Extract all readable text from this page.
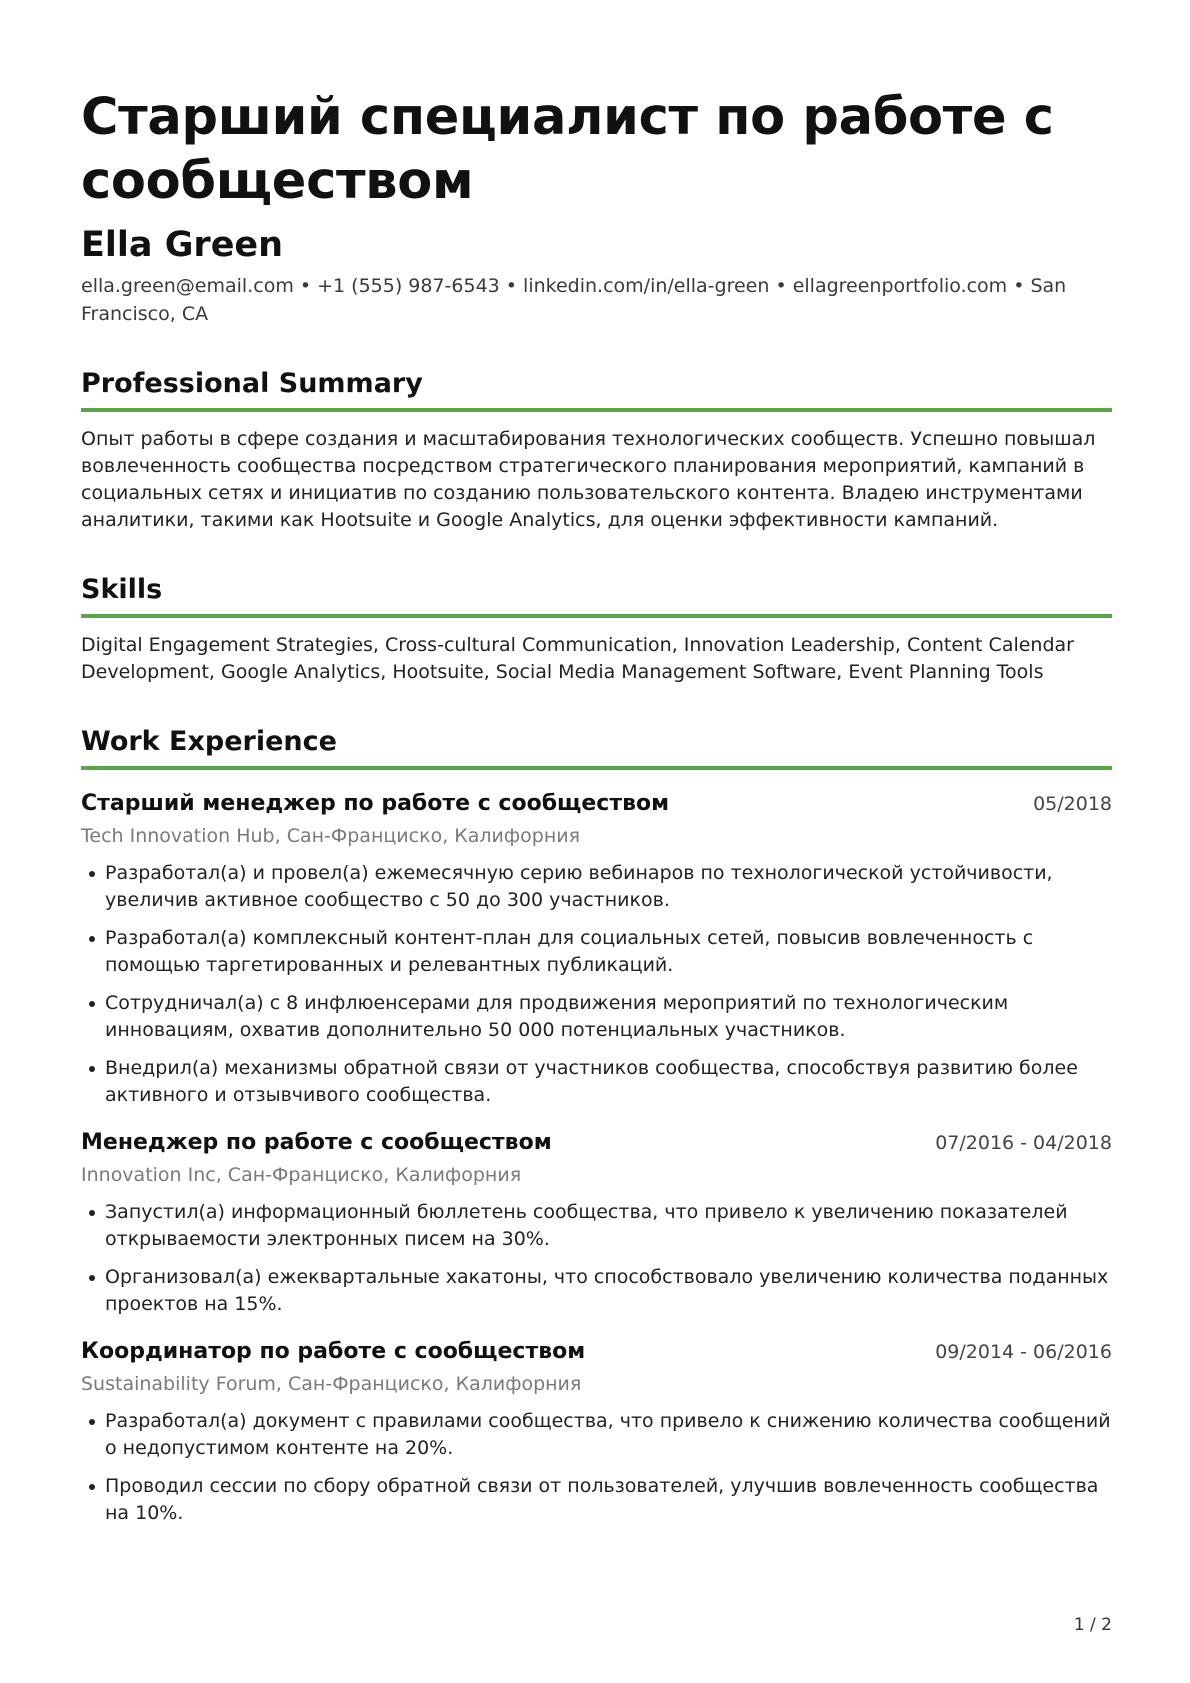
Старший специалист по работе с сообществом
Ella Green

ella.green@email.com • +1 (555) 987-6543 • linkedin.com/in/ella-green • ellagreenportfolio.com • San Francisco, CA

Professional Summary

Опыт работы в сфере создания и масштабирования технологических сообществ. Успешно повышал вовлеченность сообщества посредством стратегического планирования мероприятий, кампаний в социальных сетях и инициатив по созданию пользовательского контента. Владею инструментами аналитики, такими как Hootsuite и Google Analytics, для оценки эффективности кампаний.

Skills

Digital Engagement Strategies, Cross-cultural Communication, Innovation Leadership, Content Calendar Development, Google Analytics, Hootsuite, Social Media Management Software, Event Planning Tools

Work Experience
Старший менеджер по работе с сообществом	05/2018
Tech Innovation Hub, Сан-Франциско, Калифорния
Разработал(а) и провел(а) ежемесячную серию вебинаров по технологической устойчивости, увеличив активное сообщество с 50 до 300 участников.
Разработал(а) комплексный контент-план для социальных сетей, повысив вовлеченность с помощью таргетированных и релевантных публикаций.
Сотрудничал(а) с 8 инфлюенсерами для продвижения мероприятий по технологическим инновациям, охватив дополнительно 50 000 потенциальных участников.
Внедрил(а) механизмы обратной связи от участников сообщества, способствуя развитию более активного и отзывчивого сообщества.
Менеджер по работе с сообществом	07/2016 - 04/2018
Innovation Inc, Сан-Франциско, Калифорния
Запустил(а) информационный бюллетень сообщества, что привело к увеличению показателей открываемости электронных писем на 30%.
Организовал(а) ежеквартальные хакатоны, что способствовало увеличению количества поданных проектов на 15%.
Координатор по работе с сообществом	09/2014 - 06/2016
Sustainability Forum, Сан-Франциско, Калифорния
Разработал(а) документ с правилами сообщества, что привело к снижению количества сообщений о недопустимом контенте на 20%.
Проводил сессии по сбору обратной связи от пользователей, улучшив вовлеченность сообщества на 10%.
1 / 2
